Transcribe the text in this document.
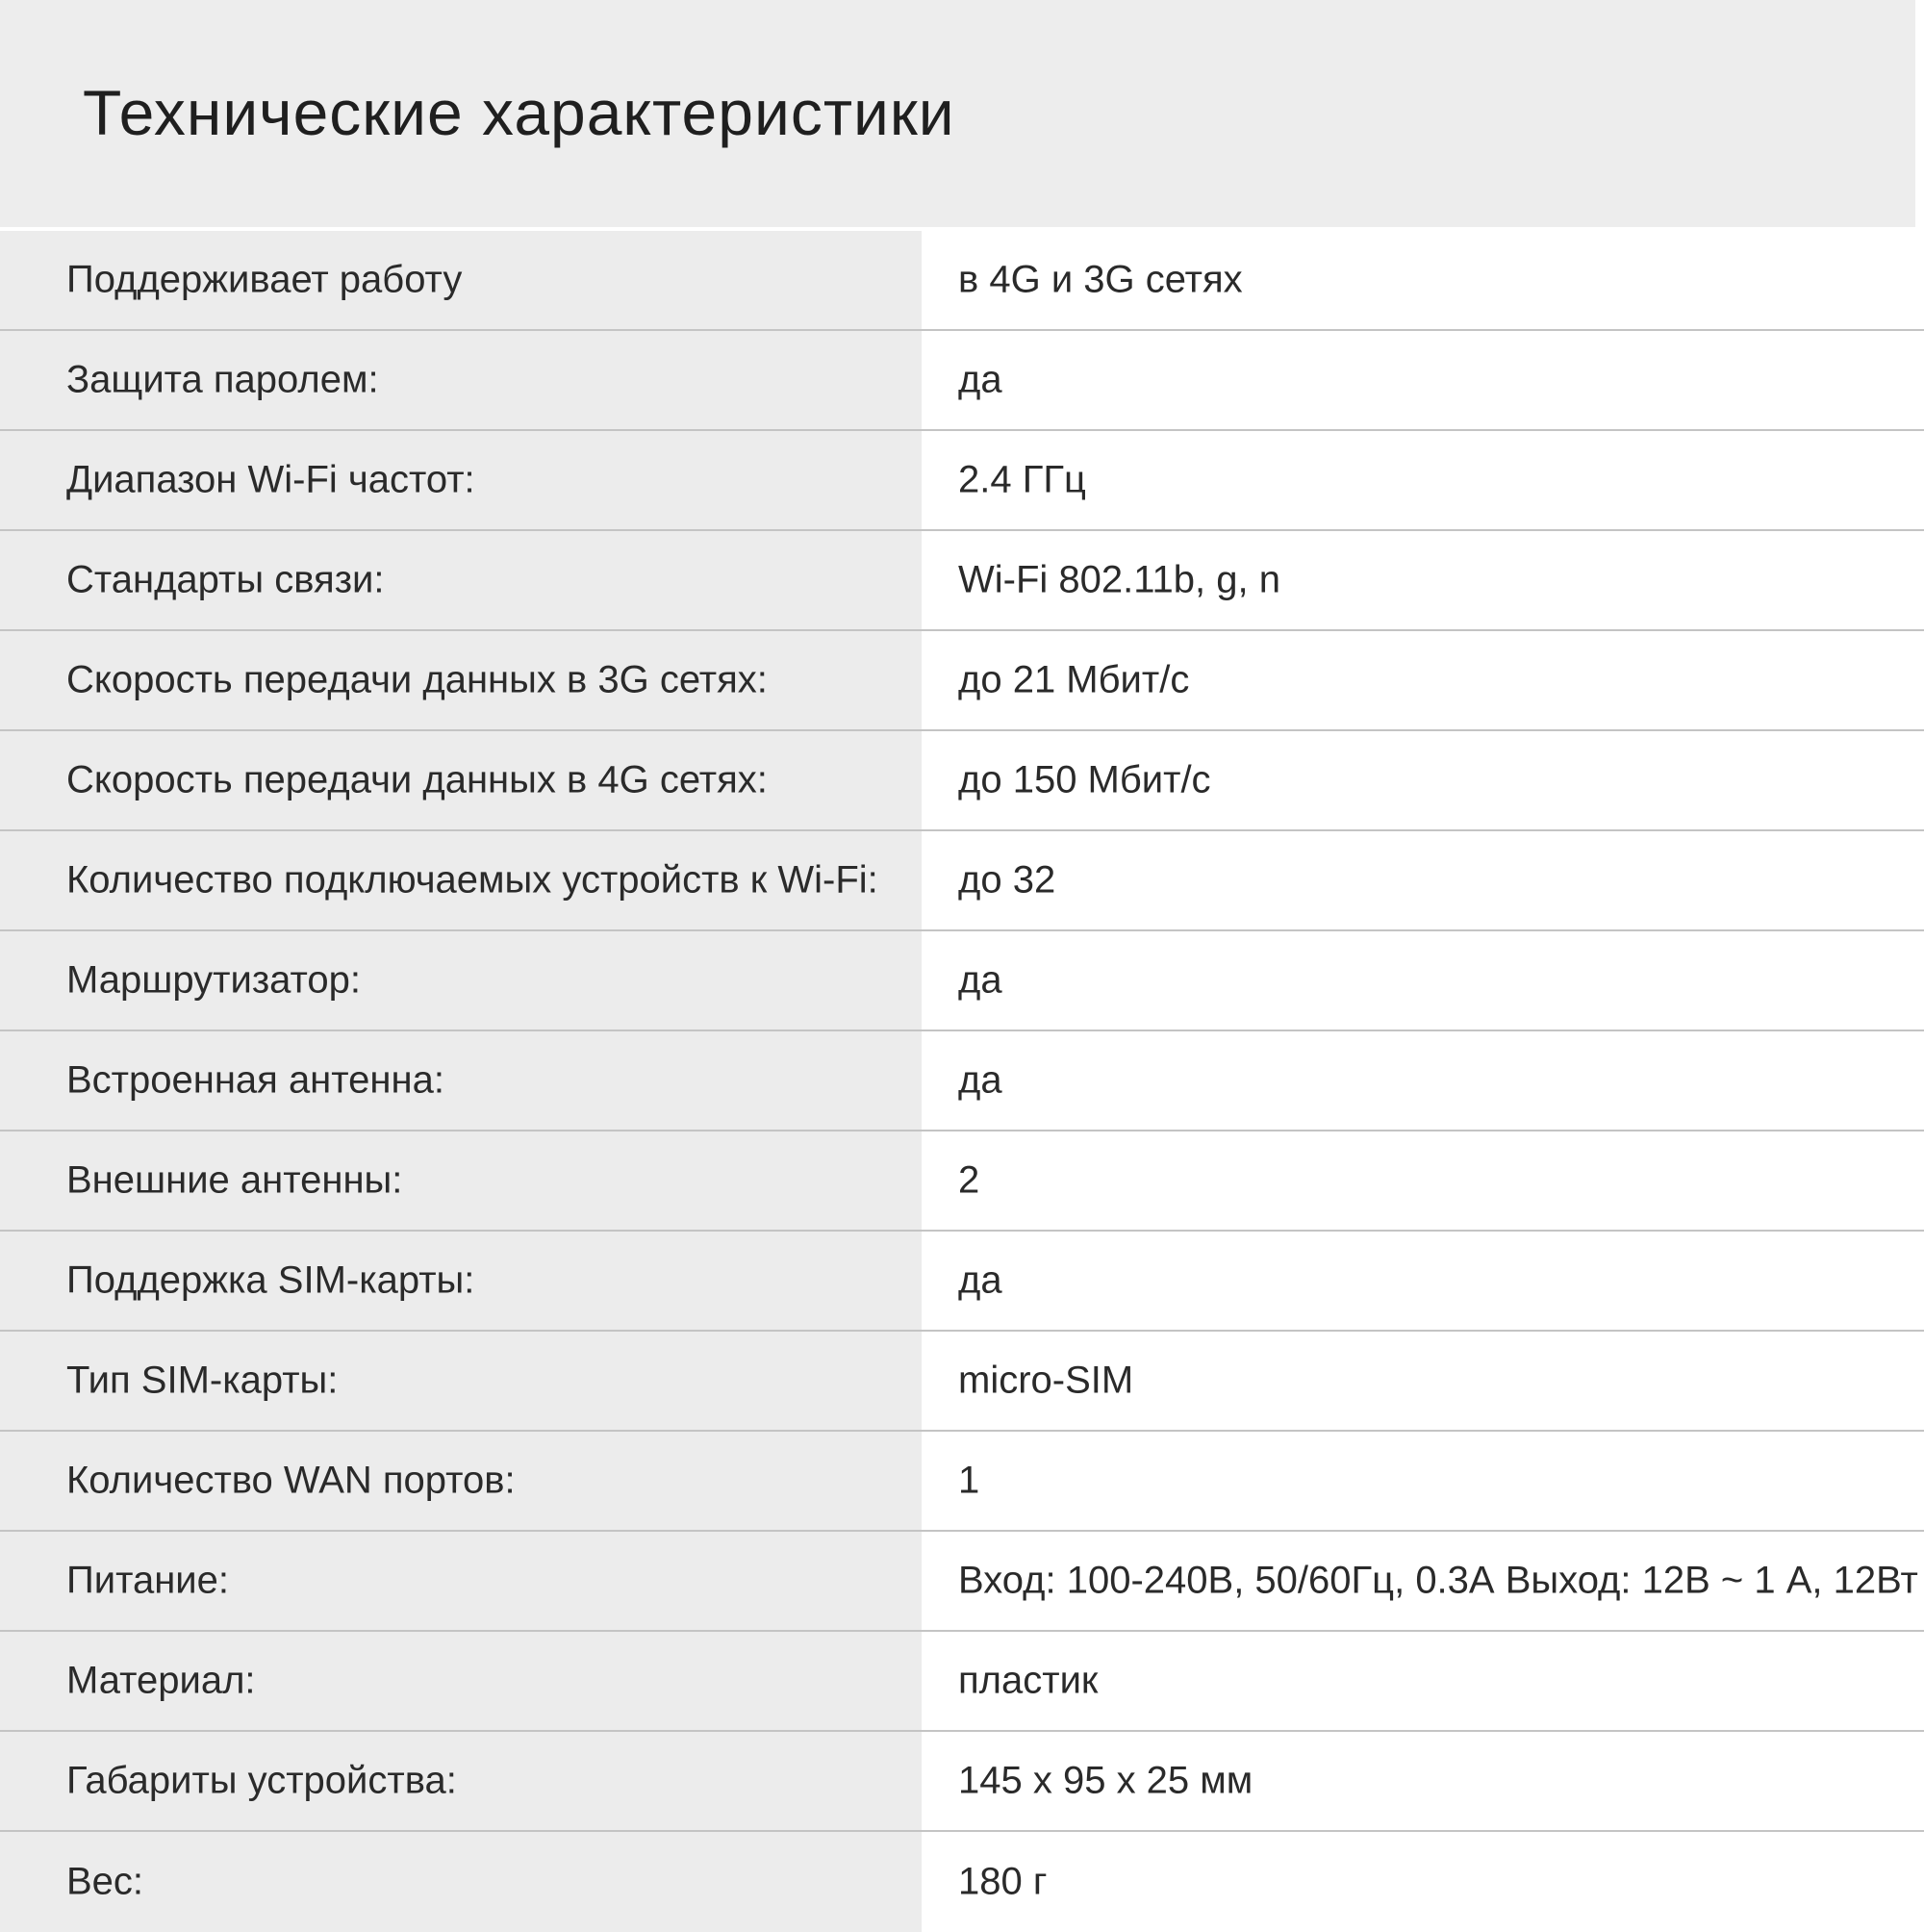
Технические характеристики
Поддерживает работу	в 4G и 3G сетях
Защита паролем:	да
Диапазон Wi-Fi частот:	2.4 ГГц
Стандарты связи:	Wi-Fi 802.11b, g, n
Скорость передачи данных в 3G сетях:	до 21 Мбит/с
Скорость передачи данных в 4G сетях:	до 150 Мбит/с
Количество подключаемых устройств к Wi-Fi: до 32
Маршрутизатор:	да
Встроенная антенна:	да
Внешние антенны:	2
Поддержка SIM-карты:	да
Тип SIM-карты:	micro-SIM
Количество WAN портов:	1
Питание:	Вход: 100-240В, 50/60Гц, 0.3А Выход: 12В ~ 1 А, 12Вт
Материал:	пластик
Габариты устройства:	145 x 95 x 25 мм
Вес:	180 г
